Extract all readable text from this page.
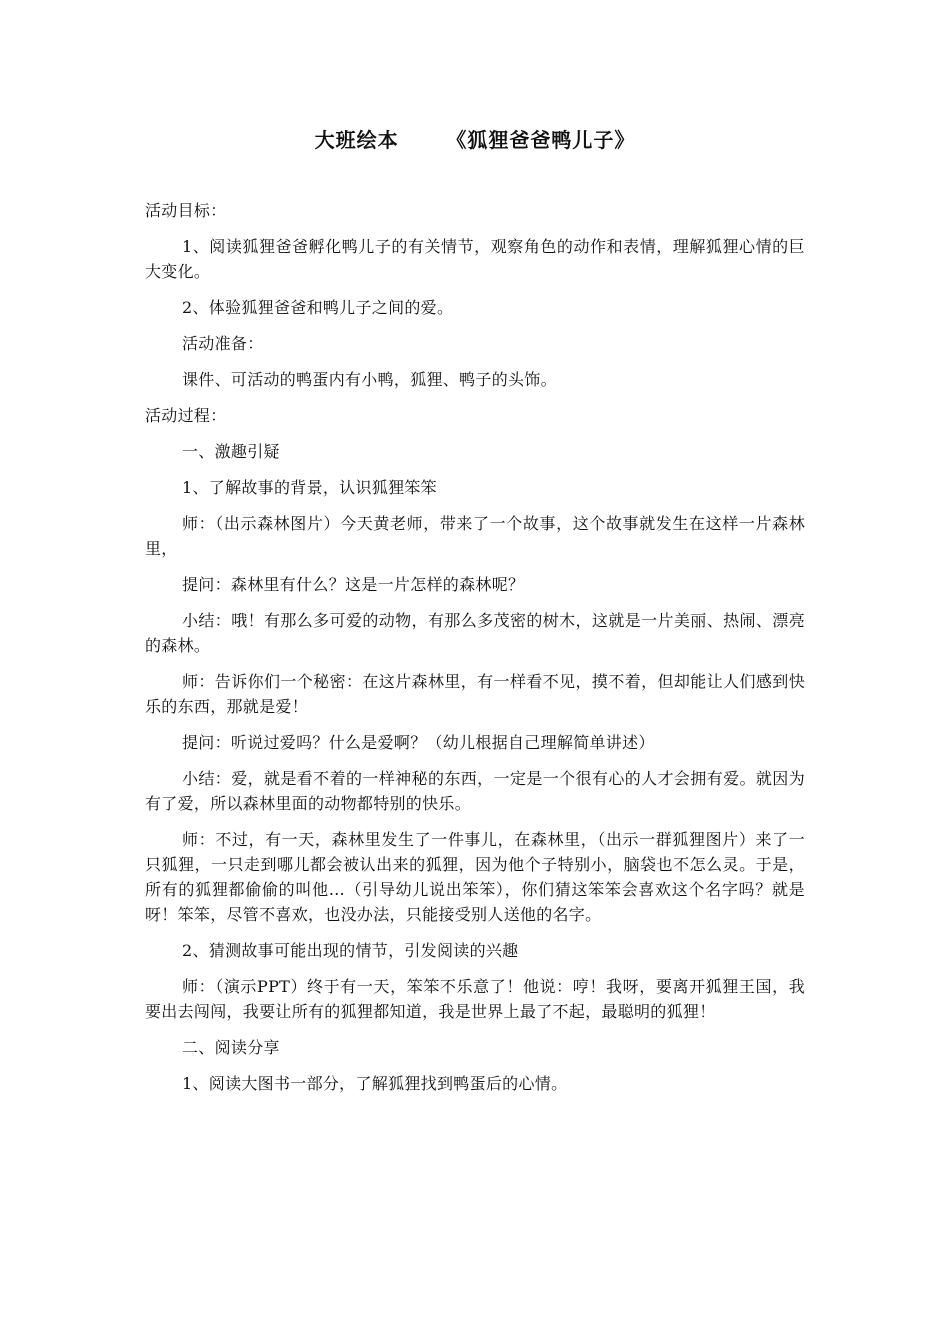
大班绘本      《狐狸爸爸鸭儿子》

活动目标：

1、阅读狐狸爸爸孵化鸭儿子的有关情节，观察角色的动作和表情，理解狐狸心情的巨大变化。

2、体验狐狸爸爸和鸭儿子之间的爱。

活动准备：

课件、可活动的鸭蛋内有小鸭，狐狸、鸭子的头饰。

活动过程：

一、激趣引疑

1、了解故事的背景，认识狐狸笨笨

师：（出示森林图片）今天黄老师，带来了一个故事，这个故事就发生在这样一片森林里，

提问：森林里有什么？这是一片怎样的森林呢？

小结：哦！有那么多可爱的动物，有那么多茂密的树木，这就是一片美丽、热闹、漂亮的森林。

师：告诉你们一个秘密：在这片森林里，有一样看不见，摸不着，但却能让人们感到快乐的东西，那就是爱！

提问：听说过爱吗？什么是爱啊？（幼儿根据自己理解简单讲述）

小结：爱，就是看不着的一样神秘的东西，一定是一个很有心的人才会拥有爱。就因为有了爱，所以森林里面的动物都特别的快乐。

师：不过，有一天，森林里发生了一件事儿，在森林里，（出示一群狐狸图片）来了一只狐狸，一只走到哪儿都会被认出来的狐狸，因为他个子特别小，脑袋也不怎么灵。于是，所有的狐狸都偷偷的叫他…（引导幼儿说出笨笨），你们猜这笨笨会喜欢这个名字吗？就是呀！笨笨，尽管不喜欢，也没办法，只能接受别人送他的名字。

2、猜测故事可能出现的情节，引发阅读的兴趣

师：（演示PPT）终于有一天，笨笨不乐意了！他说：哼！我呀，要离开狐狸王国，我要出去闯闯，我要让所有的狐狸都知道，我是世界上最了不起，最聪明的狐狸！

二、阅读分享

1、阅读大图书一部分，了解狐狸找到鸭蛋后的心情。
